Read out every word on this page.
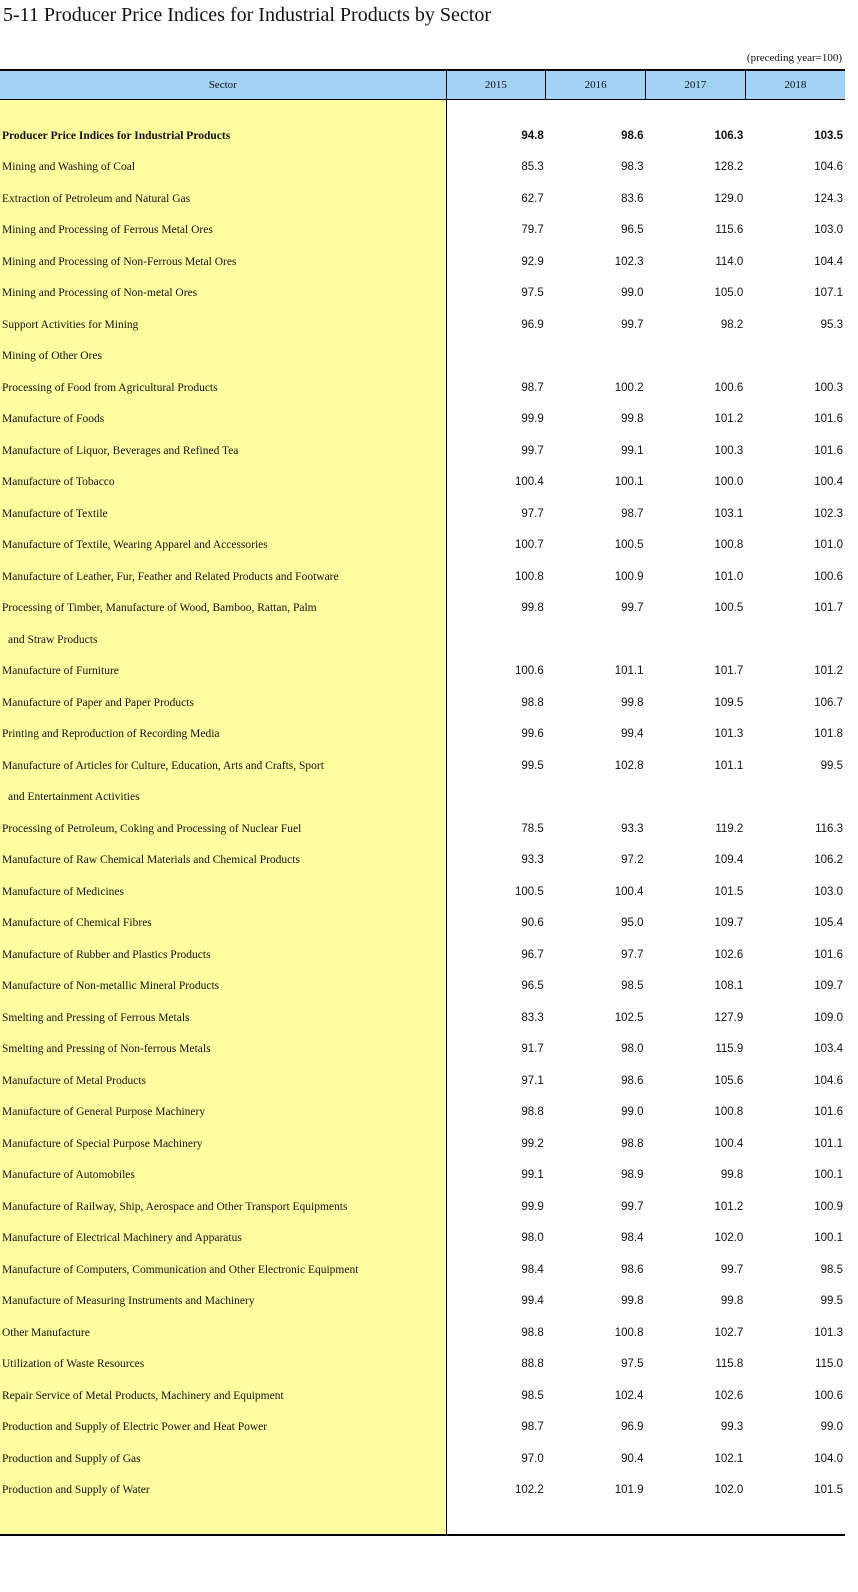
5-11 Producer Price Indices for Industrial Products by Sector
(preceding year=100)
Sector	2015	2016	2017	2018

Producer Price Indices for Industrial Products	94.8	98.6	106.3	103.5
Mining and Washing of Coal	85.3	98.3	128.2	104.6
Extraction of Petroleum and Natural Gas	62.7	83.6	129.0	124.3
Mining and Processing of Ferrous Metal Ores	79.7	96.5	115.6	103.0
Mining and Processing of Non-Ferrous Metal Ores	92.9	102.3	114.0	104.4
Mining and Processing of Non-metal Ores	97.5	99.0	105.0	107.1
Support Activities for Mining	96.9	99.7	98.2	95.3
Mining of Other Ores				
Processing of Food from Agricultural Products	98.7	100.2	100.6	100.3
Manufacture of Foods	99.9	99.8	101.2	101.6
Manufacture of Liquor, Beverages and Refined Tea	99.7	99.1	100.3	101.6
Manufacture of Tobacco	100.4	100.1	100.0	100.4
Manufacture of Textile	97.7	98.7	103.1	102.3
Manufacture of Textile, Wearing Apparel and Accessories	100.7	100.5	100.8	101.0
Manufacture of Leather, Fur, Feather and Related Products and Footware	100.8	100.9	101.0	100.6
Processing of Timber, Manufacture of Wood, Bamboo, Rattan, Palm	99.8	99.7	100.5	101.7
and Straw Products				
Manufacture of Furniture	100.6	101.1	101.7	101.2
Manufacture of Paper and Paper Products	98.8	99.8	109.5	106.7
Printing and Reproduction of Recording Media	99.6	99.4	101.3	101.8
Manufacture of Articles for Culture, Education, Arts and Crafts, Sport	99.5	102.8	101.1	99.5
and Entertainment Activities				
Processing of Petroleum, Coking and Processing of Nuclear Fuel	78.5	93.3	119.2	116.3
Manufacture of Raw Chemical Materials and Chemical Products	93.3	97.2	109.4	106.2
Manufacture of Medicines	100.5	100.4	101.5	103.0
Manufacture of Chemical Fibres	90.6	95.0	109.7	105.4
Manufacture of Rubber and Plastics Products	96.7	97.7	102.6	101.6
Manufacture of Non-metallic Mineral Products	96.5	98.5	108.1	109.7
Smelting and Pressing of Ferrous Metals	83.3	102.5	127.9	109.0
Smelting and Pressing of Non-ferrous Metals	91.7	98.0	115.9	103.4
Manufacture of Metal Products	97.1	98.6	105.6	104.6
Manufacture of General Purpose Machinery	98.8	99.0	100.8	101.6
Manufacture of Special Purpose Machinery	99.2	98.8	100.4	101.1
Manufacture of Automobiles	99.1	98.9	99.8	100.1
Manufacture of Railway, Ship, Aerospace and Other Transport Equipments	99.9	99.7	101.2	100.9
Manufacture of Electrical Machinery and Apparatus	98.0	98.4	102.0	100.1
Manufacture of Computers, Communication and Other Electronic Equipment	98.4	98.6	99.7	98.5
Manufacture of Measuring Instruments and Machinery	99.4	99.8	99.8	99.5
Other Manufacture	98.8	100.8	102.7	101.3
Utilization of Waste Resources	88.8	97.5	115.8	115.0
Repair Service of Metal Products, Machinery and Equipment	98.5	102.4	102.6	100.6
Production and Supply of Electric Power and Heat Power	98.7	96.9	99.3	99.0
Production and Supply of Gas	97.0	90.4	102.1	104.0
Production and Supply of Water	102.2	101.9	102.0	101.5
